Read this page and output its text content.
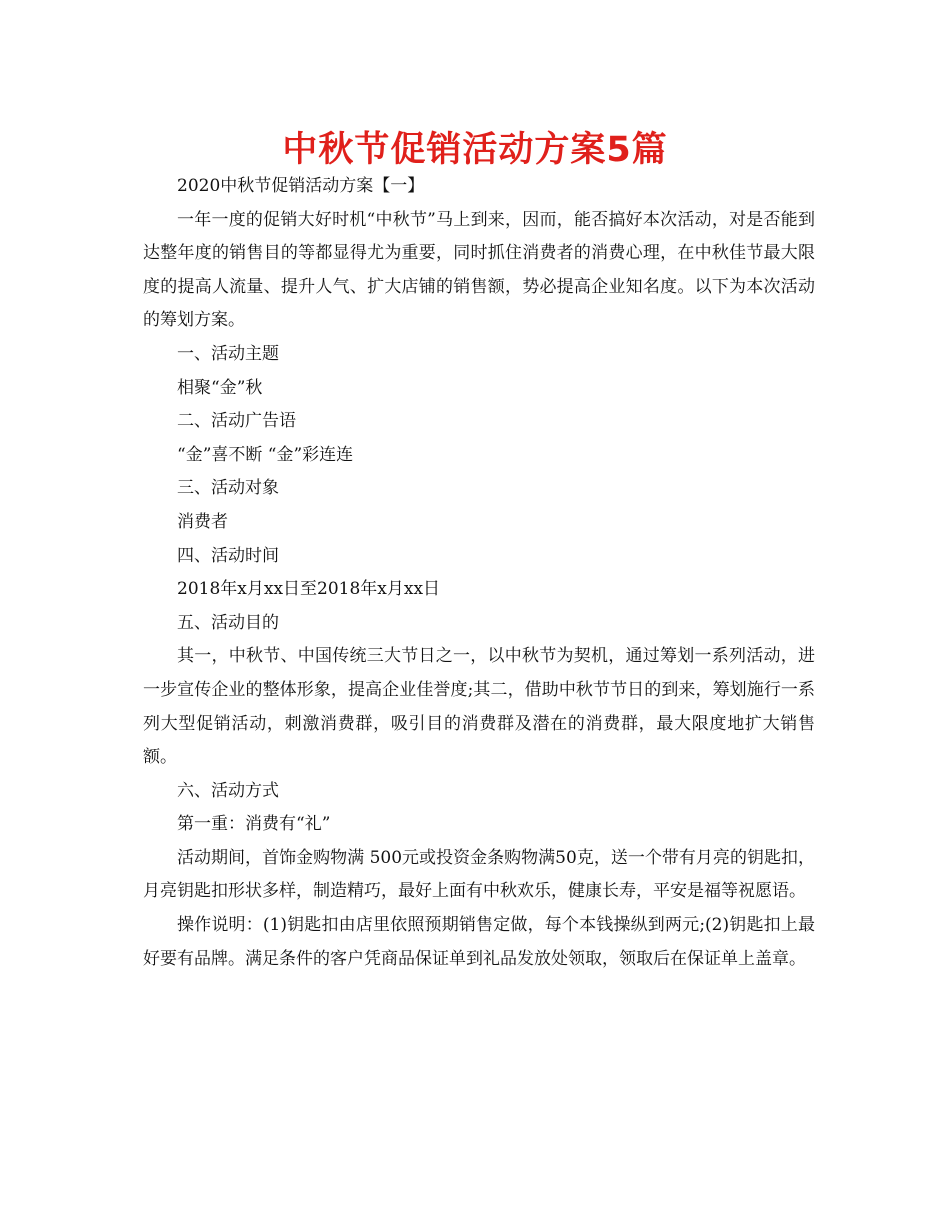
中秋节促销活动方案5篇

2020中秋节促销活动方案【一】

一年一度的促销大好时机“中秋节”马上到来，因而，能否搞好本次活动，对是否能到达整年度的销售目的等都显得尤为重要，同时抓住消费者的消费心理，在中秋佳节最大限度的提高人流量、提升人气、扩大店铺的销售额，势必提高企业知名度。以下为本次活动的筹划方案。

一、活动主题

相聚“金”秋

二、活动广告语

“金”喜不断 “金”彩连连

三、活动对象

消费者

四、活动时间

2018年x月xx日至2018年x月xx日

五、活动目的

其一，中秋节、中国传统三大节日之一，以中秋节为契机，通过筹划一系列活动，进一步宣传企业的整体形象，提高企业佳誉度;其二，借助中秋节节日的到来，筹划施行一系列大型促销活动，刺激消费群，吸引目的消费群及潜在的消费群，最大限度地扩大销售额。

六、活动方式

第一重：消费有“礼”

活动期间，首饰金购物满 500元或投资金条购物满50克，送一个带有月亮的钥匙扣，月亮钥匙扣形状多样，制造精巧，最好上面有中秋欢乐，健康长寿，平安是福等祝愿语。

操作说明：(1)钥匙扣由店里依照预期销售定做，每个本钱操纵到两元;(2)钥匙扣上最好要有品牌。满足条件的客户凭商品保证单到礼品发放处领取，领取后在保证单上盖章。
